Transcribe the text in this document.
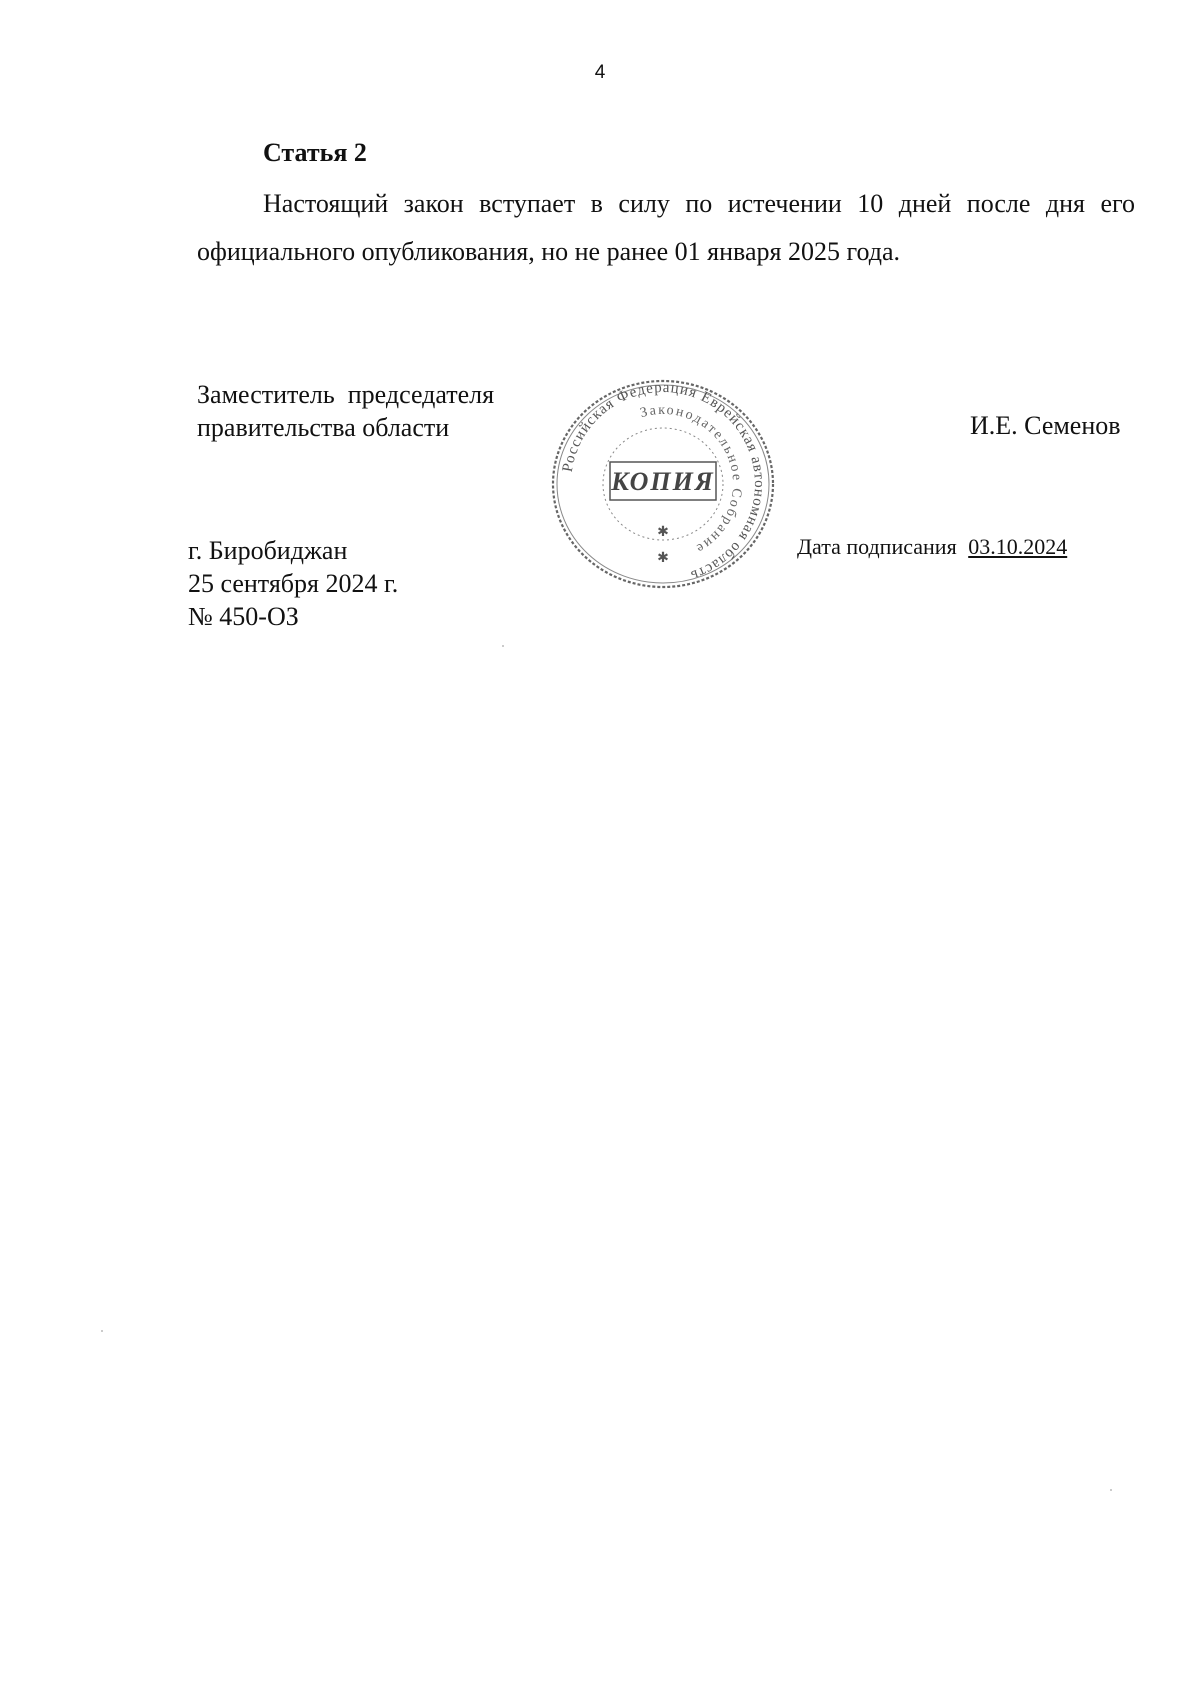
4
Статья 2

Настоящий закон вступает в силу по истечении 10 дней после дня его официального опубликования, но не ранее 01 января 2025 года.

Заместитель  председателя
правительства области	И.Е. Семенов
г. Биробиджан
25 сентября 2024 г.
№ 450-ОЗ
Дата подписания 03.10.2024
Российская Федерация Еврейская автономная область
Законодательное Собрание
КОПИЯ
✱
✱
